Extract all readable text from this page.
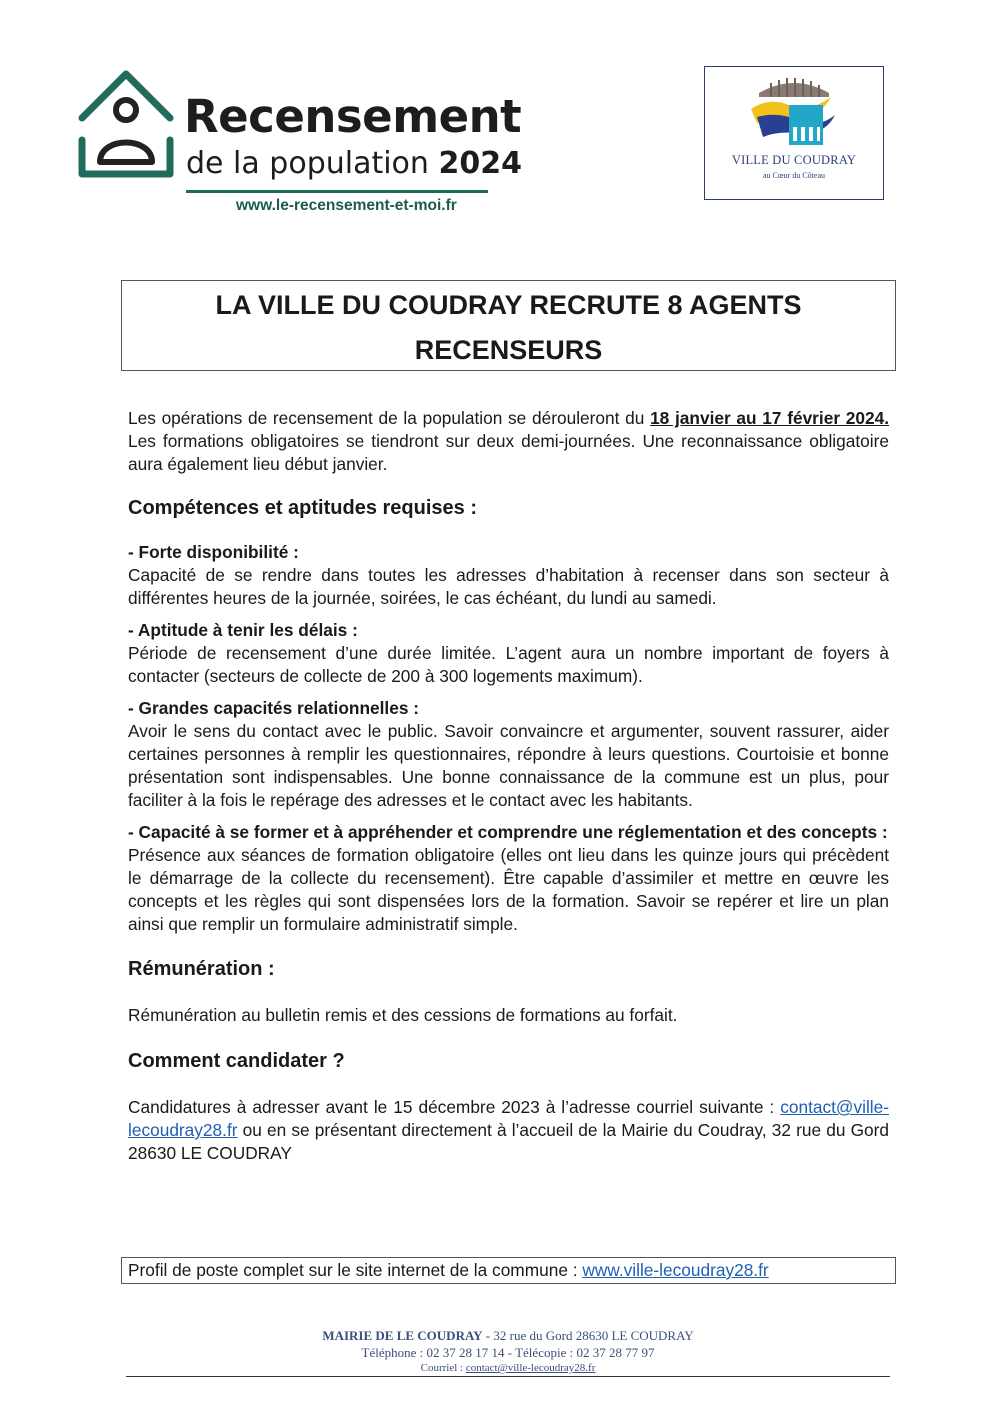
Recensement
de la population 2024
www.le-recensement-et-moi.fr
VILLE DU COUDRAY
au Cœur du Côteau
LA VILLE DU COUDRAY RECRUTE 8 AGENTS
RECENSEURS

Les opérations de recensement de la population se dérouleront du 18 janvier au 17 février 2024. Les formations obligatoires se tiendront sur deux demi-journées. Une reconnaissance obligatoire aura également lieu début janvier.

Compétences et aptitudes requises :

- Forte disponibilité :

Capacité de se rendre dans toutes les adresses d’habitation à recenser dans son secteur à différentes heures de la journée, soirées, le cas échéant, du lundi au samedi.

- Aptitude à tenir les délais :

Période de recensement d’une durée limitée. L’agent aura un nombre important de foyers à contacter (secteurs de collecte de 200 à 300 logements maximum).

- Grandes capacités relationnelles :

Avoir le sens du contact avec le public. Savoir convaincre et argumenter, souvent rassurer, aider certaines personnes à remplir les questionnaires, répondre à leurs questions. Courtoisie et bonne présentation sont indispensables. Une bonne connaissance de la commune est un plus, pour faciliter à la fois le repérage des adresses et le contact avec les habitants.

- Capacité à se former et à appréhender et comprendre une réglementation et des concepts :

Présence aux séances de formation obligatoire (elles ont lieu dans les quinze jours qui précèdent le démarrage de la collecte du recensement). Être capable d’assimiler et mettre en œuvre les concepts et les règles qui sont dispensées lors de la formation. Savoir se repérer et lire un plan ainsi que remplir un formulaire administratif simple.

Rémunération :

Rémunération au bulletin remis et des cessions de formations au forfait.

Comment candidater ?

Candidatures à adresser avant le 15 décembre 2023 à l’adresse courriel suivante : contact@ville-lecoudray28.fr ou en se présentant directement à l’accueil de la Mairie du Coudray, 32 rue du Gord 28630 LE COUDRAY

Profil de poste complet sur le site internet de la commune : www.ville-lecoudray28.fr
MAIRIE DE LE COUDRAY - 32 rue du Gord 28630 LE COUDRAY
Téléphone : 02 37 28 17 14 - Télécopie : 02 37 28 77 97
Courriel : contact@ville-lecoudray28.fr
